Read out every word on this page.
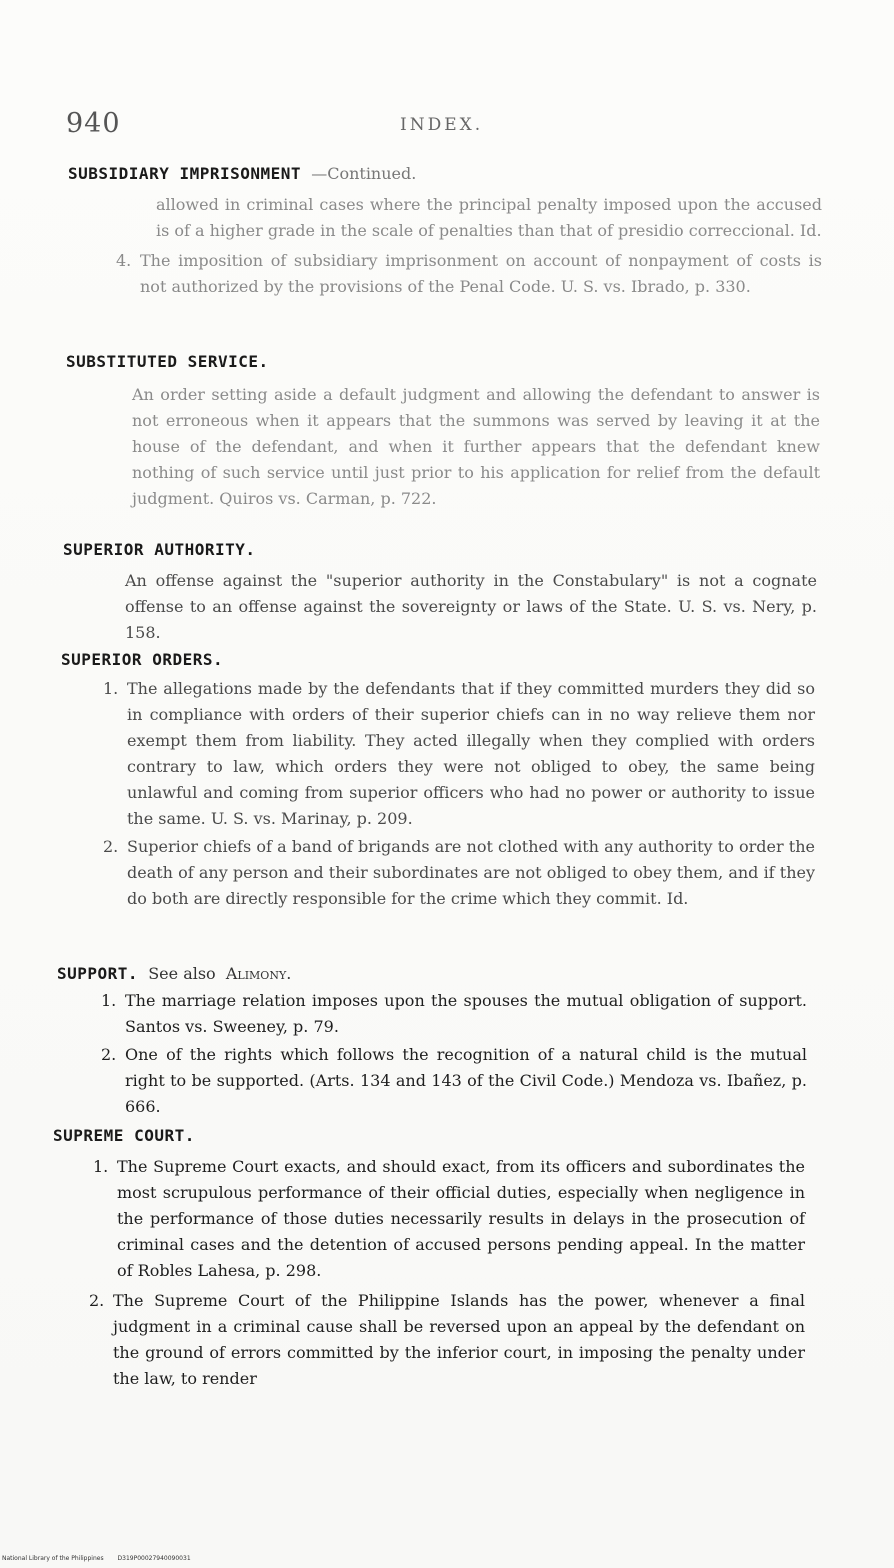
940	INDEX.
SUBSIDIARY IMPRISONMENT —Continued.

allowed in criminal cases where the principal penalty imposed upon the accused is of a higher grade in the scale of penalties than that of presidio correccional. Id.

4. The imposition of subsidiary imprisonment on account of nonpayment of costs is not authorized by the provisions of the Penal Code. U. S. vs. Ibrado, p. 330.

SUBSTITUTED SERVICE.

An order setting aside a default judgment and allowing the defendant to answer is not erroneous when it appears that the summons was served by leaving it at the house of the defendant, and when it further appears that the defendant knew nothing of such service until just prior to his application for relief from the default judgment. Quiros vs. Carman, p. 722.

SUPERIOR AUTHORITY.

An offense against the "superior authority in the Constabulary" is not a cognate offense to an offense against the sovereignty or laws of the State. U. S. vs. Nery, p. 158.

SUPERIOR ORDERS.
1. The allegations made by the defendants that if they committed murders they did so in compliance with orders of their superior chiefs can in no way relieve them nor exempt them from liability. They acted illegally when they complied with orders contrary to law, which orders they were not obliged to obey, the same being unlawful and coming from superior officers who had no power or authority to issue the same. U. S. vs. Marinay, p. 209.

2. Superior chiefs of a band of brigands are not clothed with any authority to order the death of any person and their subordinates are not obliged to obey them, and if they do both are directly responsible for the crime which they commit. Id.

SUPPORT. See also Alimony.
1. The marriage relation imposes upon the spouses the mutual obligation of support. Santos vs. Sweeney, p. 79.

2. One of the rights which follows the recognition of a natural child is the mutual right to be supported. (Arts. 134 and 143 of the Civil Code.) Mendoza vs. Ibañez, p. 666.

SUPREME COURT.
1. The Supreme Court exacts, and should exact, from its officers and subordinates the most scrupulous performance of their official duties, especially when negligence in the performance of those duties necessarily results in delays in the prosecution of criminal cases and the detention of accused persons pending appeal. In the matter of Robles Lahesa, p. 298.

2. The Supreme Court of the Philippine Islands has the power, whenever a final judgment in a criminal cause shall be reversed upon an appeal by the defendant on the ground of errors committed by the inferior court, in imposing the penalty under the law, to render

National Library of the Philippines D319P00027940090031
